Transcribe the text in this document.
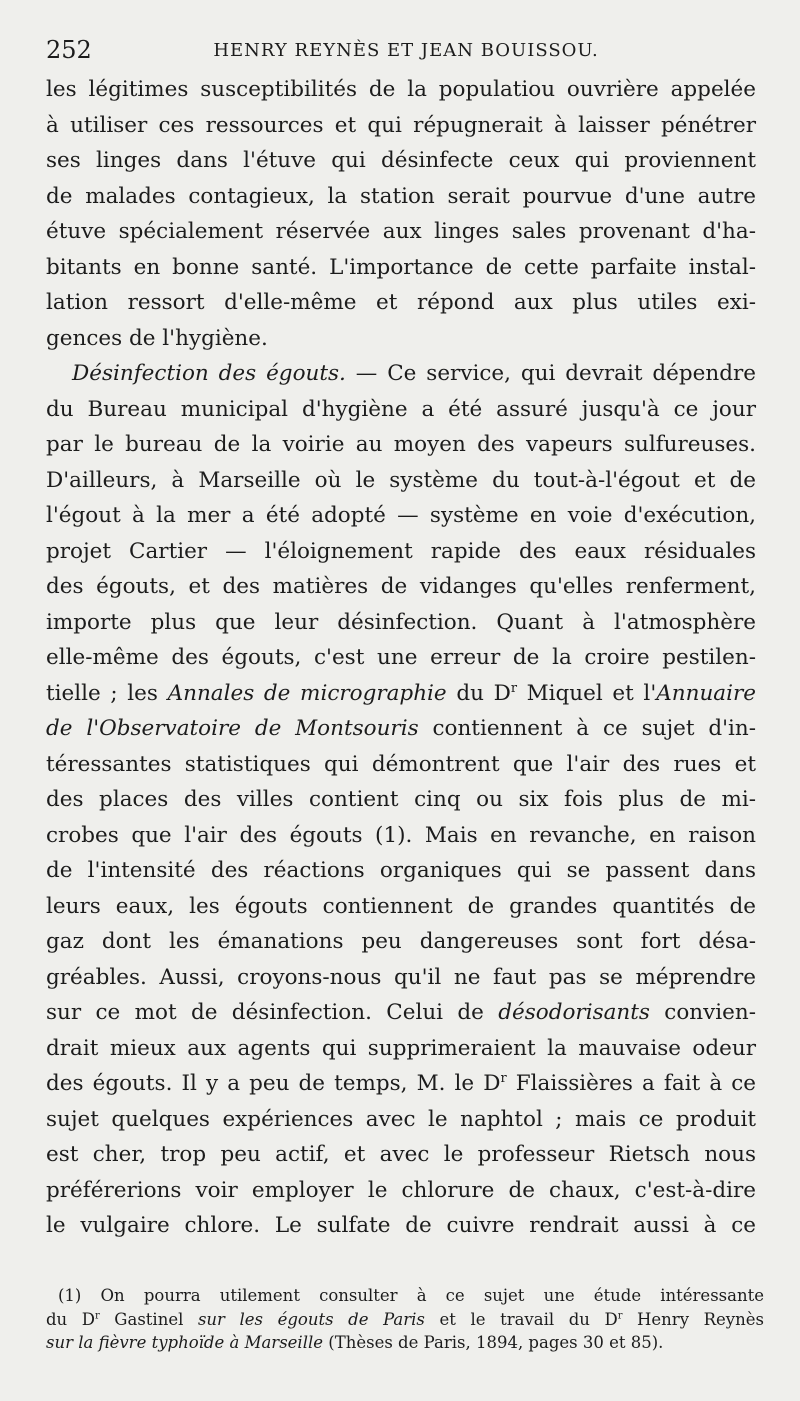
252	HENRY REYNÈS ET JEAN BOUISSOU.
les légitimes susceptibilités de la populatiou ouvrière appelée
à utiliser ces ressources et qui répugnerait à laisser pénétrer
ses linges dans l'étuve qui désinfecte ceux qui proviennent
de malades contagieux, la station serait pourvue d'une autre
étuve spécialement réservée aux linges sales provenant d'ha-
bitants en bonne santé. L'importance de cette parfaite instal-
lation ressort d'elle-même et répond aux plus utiles exi-
gences de l'hygiène.
Désinfection des égouts. — Ce service, qui devrait dépendre
du Bureau municipal d'hygiène a été assuré jusqu'à ce jour
par le bureau de la voirie au moyen des vapeurs sulfureuses.
D'ailleurs, à Marseille où le système du tout-à-l'égout et de
l'égout à la mer a été adopté — système en voie d'exécution,
projet Cartier — l'éloignement rapide des eaux résiduales
des égouts, et des matières de vidanges qu'elles renferment,
importe plus que leur désinfection. Quant à l'atmosphère
elle-même des égouts, c'est une erreur de la croire pestilen-
tielle ; les Annales de micrographie du $D^r$ Miquel et l'Annuaire
de l'Observatoire de Montsouris contiennent à ce sujet d'in-
téressantes statistiques qui démontrent que l'air des rues et
des places des villes contient cinq ou six fois plus de mi-
crobes que l'air des égouts (1). Mais en revanche, en raison
de l'intensité des réactions organiques qui se passent dans
leurs eaux, les égouts contiennent de grandes quantités de
gaz dont les émanations peu dangereuses sont fort désa-
gréables. Aussi, croyons-nous qu'il ne faut pas se méprendre
sur ce mot de désinfection. Celui de désodorisants convien-
drait mieux aux agents qui supprimeraient la mauvaise odeur
des égouts. Il y a peu de temps, M. le $D^r$ Flaissières a fait à ce
sujet quelques expériences avec le naphtol ; mais ce produit
est cher, trop peu actif, et avec le professeur Rietsch nous
préférerions voir employer le chlorure de chaux, c'est-à-dire
le vulgaire chlore. Le sulfate de cuivre rendrait aussi à ce
(1) On pourra utilement consulter à ce sujet une étude intéressante
du $D^r$ Gastinel sur les égouts de Paris et le travail du $D^r$ Henry Reynès
sur la fièvre typhoïde à Marseille (Thèses de Paris, 1894, pages 30 et 85).
